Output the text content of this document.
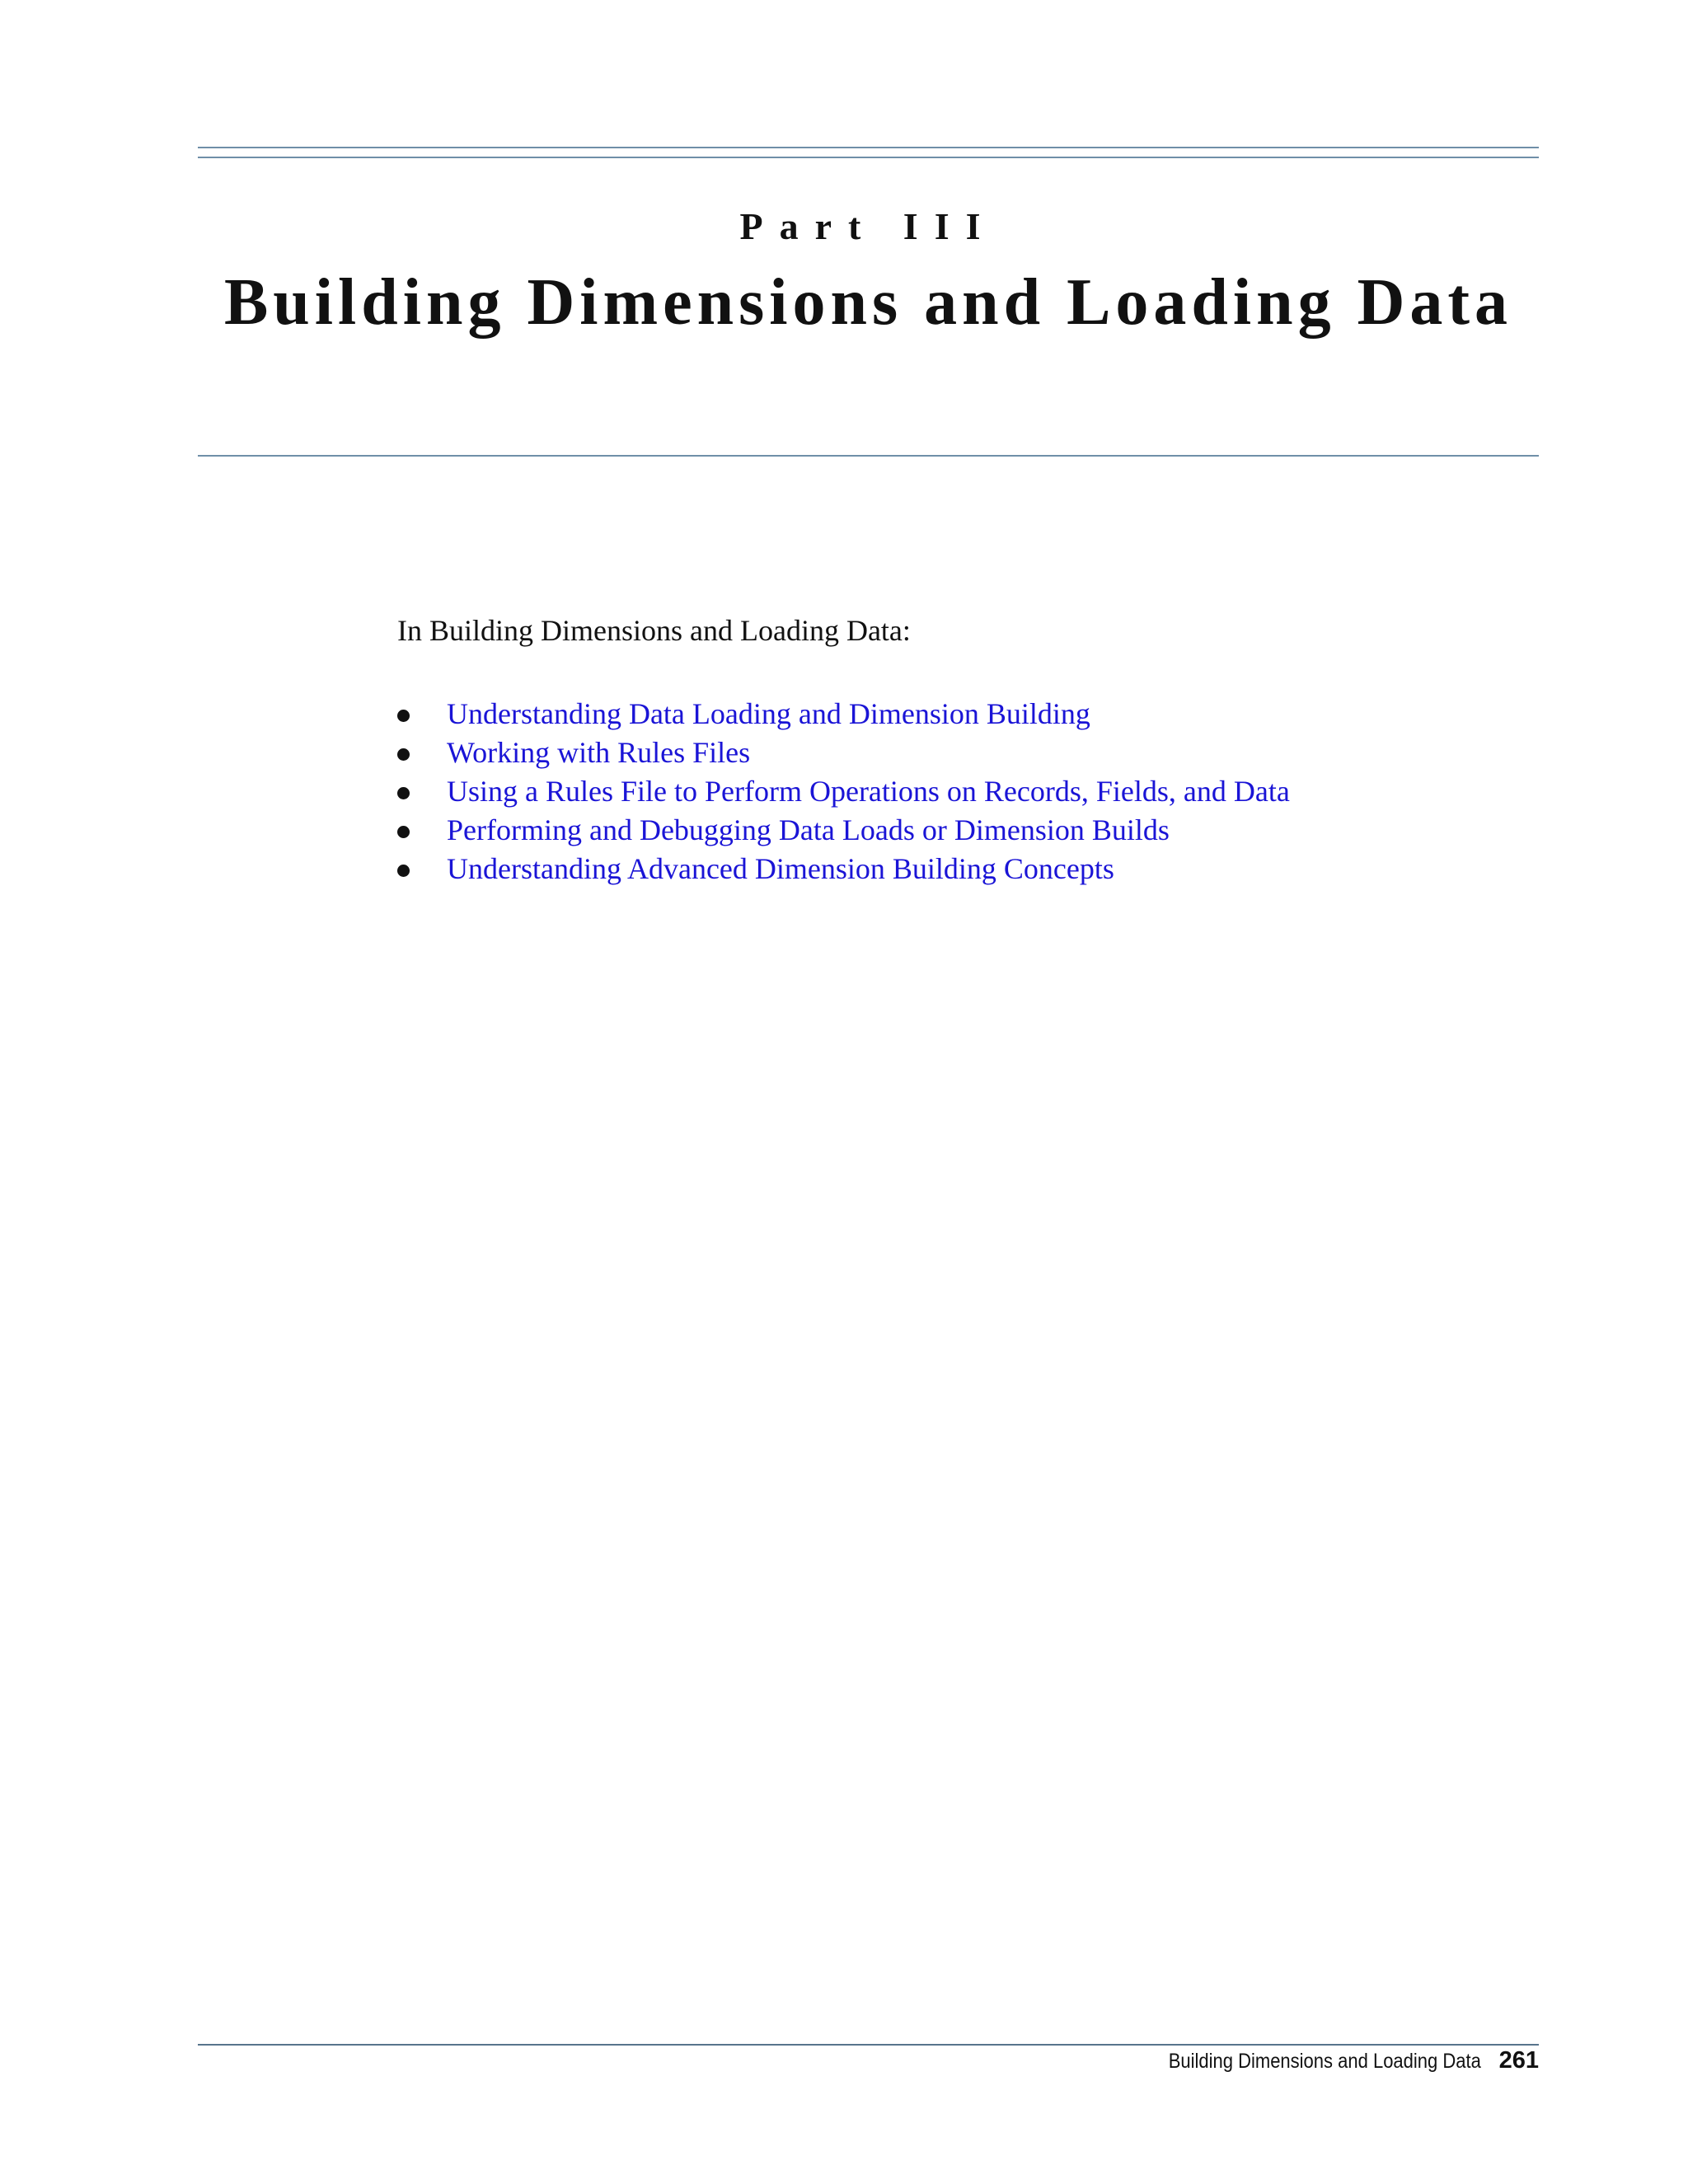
Part III
Building Dimensions and Loading Data
In Building Dimensions and Loading Data:
Understanding Data Loading and Dimension Building
Working with Rules Files
Using a Rules File to Perform Operations on Records, Fields, and Data
Performing and Debugging Data Loads or Dimension Builds
Understanding Advanced Dimension Building Concepts
Building Dimensions and Loading Data 261
